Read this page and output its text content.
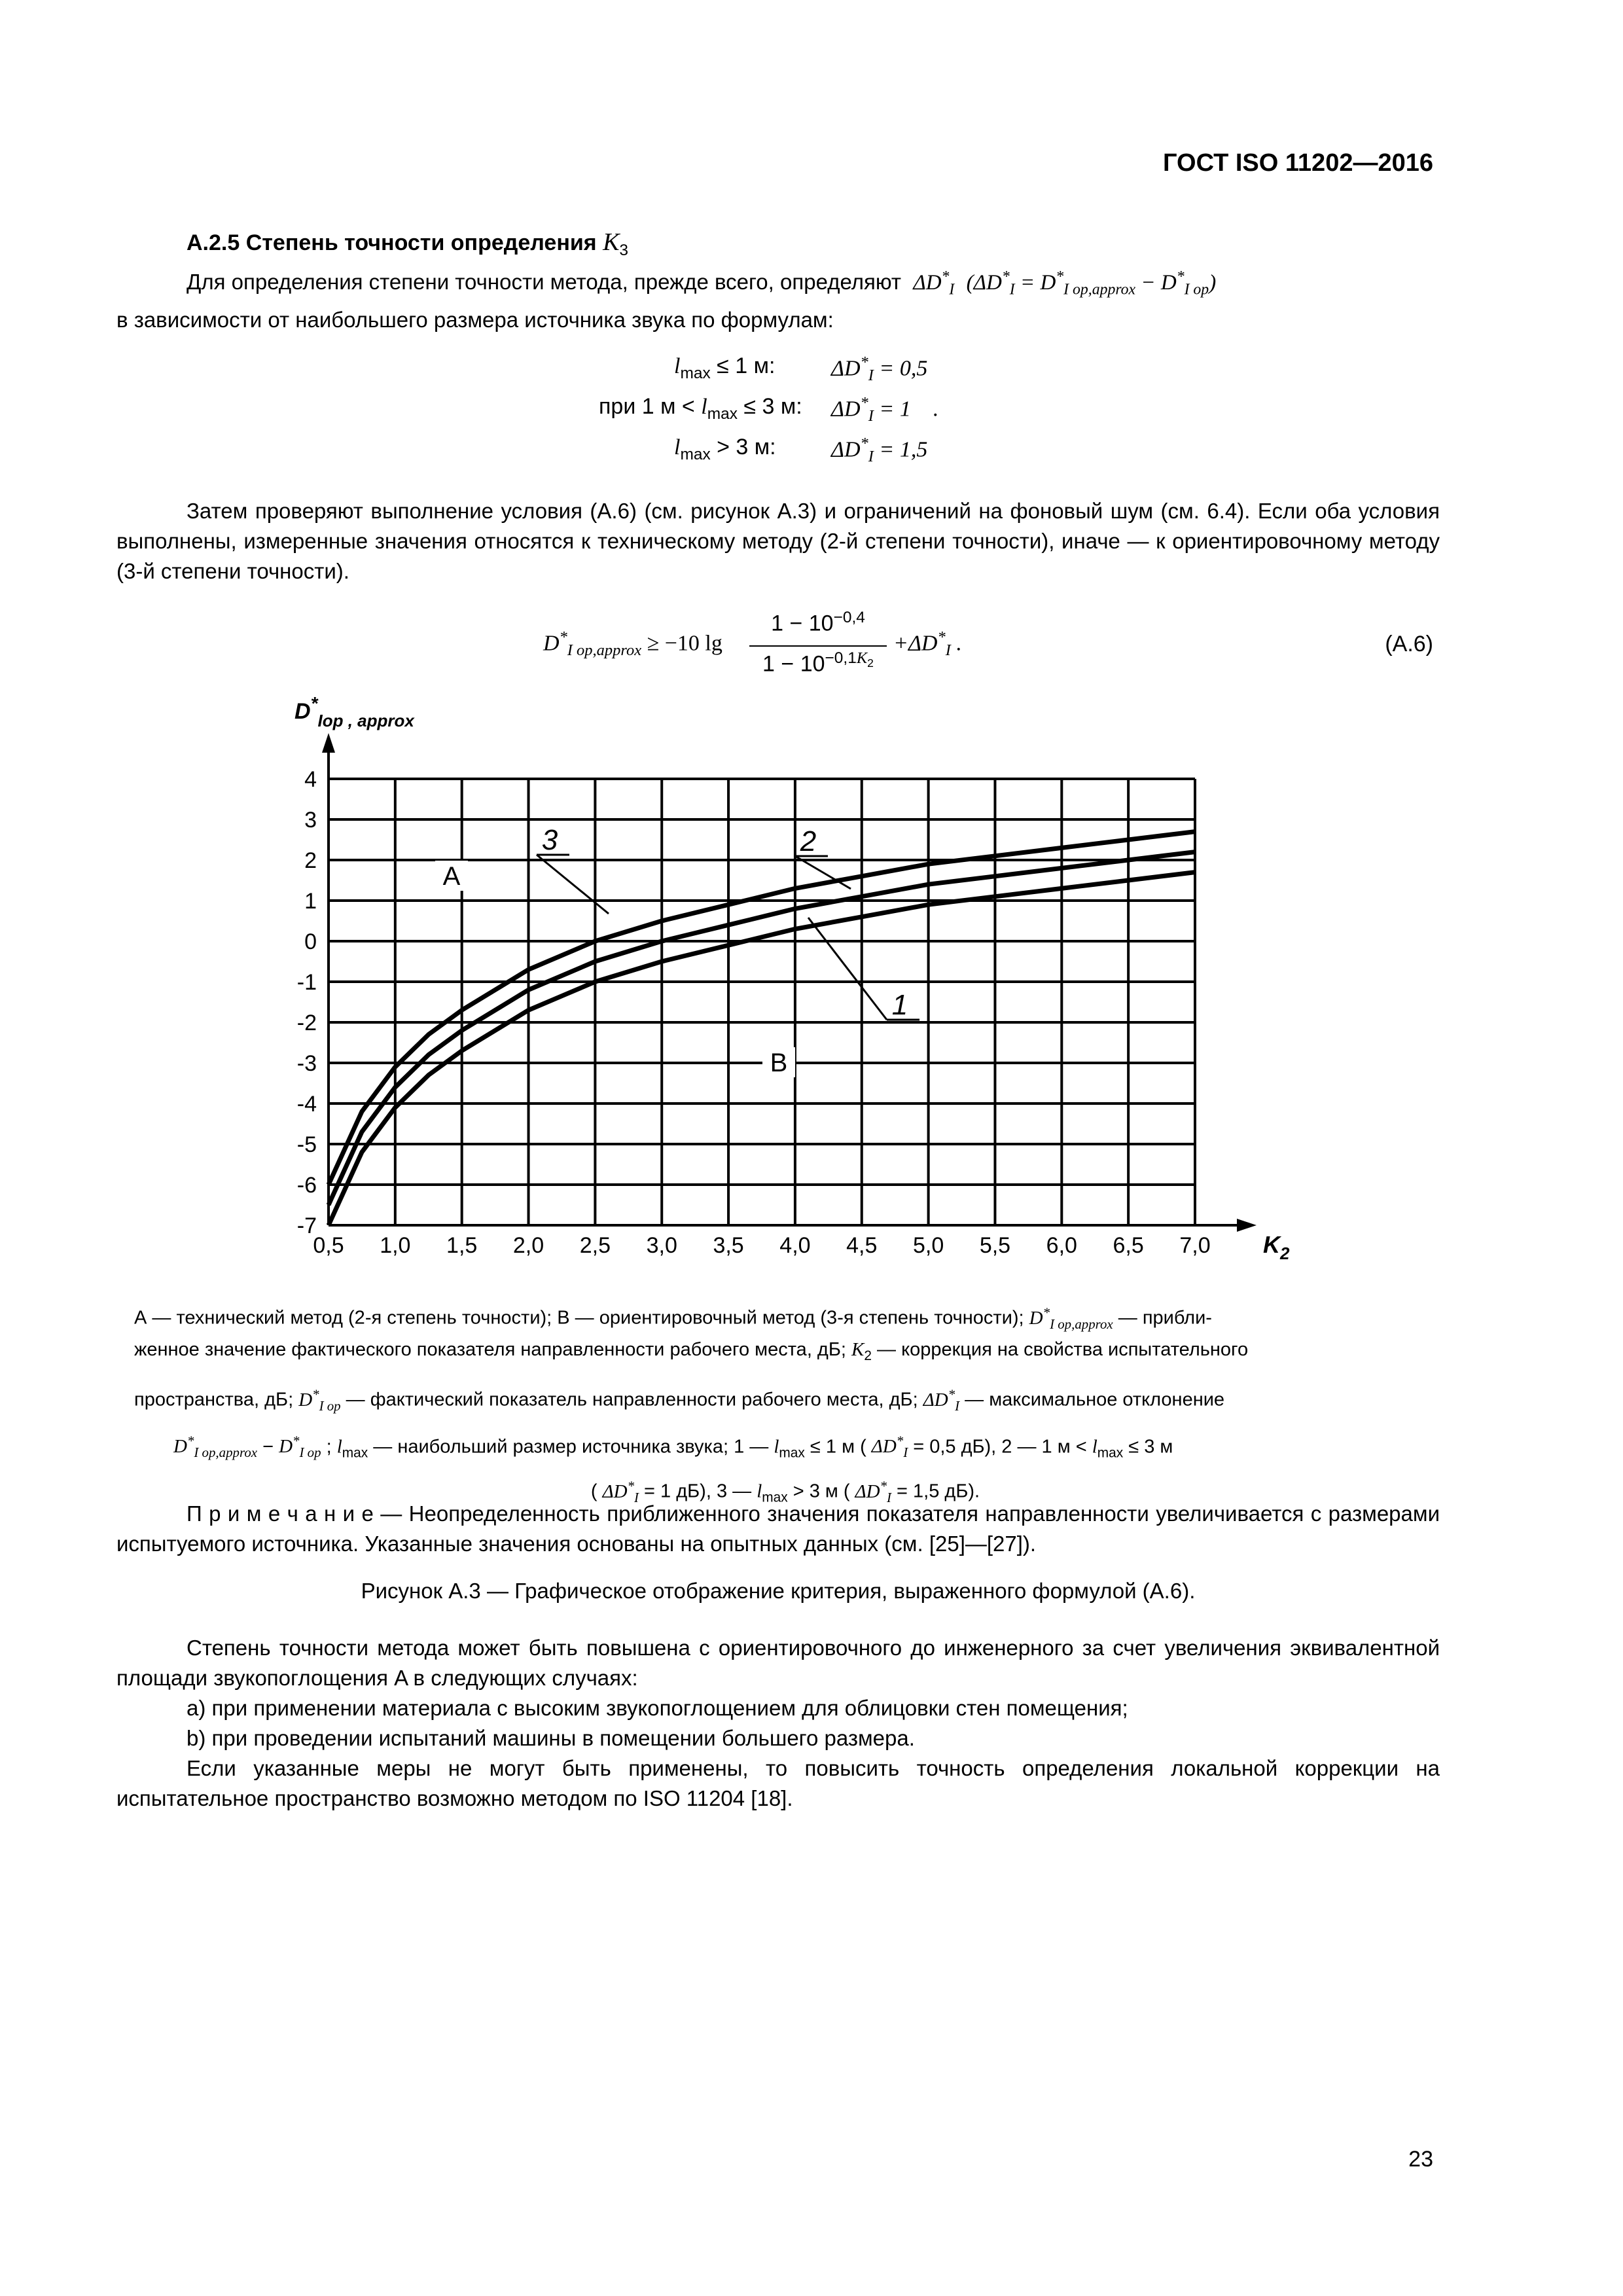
ГОСТ ISO 11202—2016
А.2.5 Степень точности определения $K_3$
Для определения степени точности метода, прежде всего, определяют $\Delta D^*_I$ $(\Delta D^*_I = D^*_{I op,approx} - D^*_{I op})$
в зависимости от наибольшего размера источника звука по формулам:
$l_{max} \le 1$ м:	$\Delta D^*_I = 0,5$
при 1 $м < l_{max} \le 3$ м: $\Delta D^*_I = 1$    .
$l_{max} > 3$ м: $\Delta D^*_I = 1,5$
Затем проверяют выполнение условия (А.6) (см. рисунок А.3) и ограничений на фоновый шум (см. 6.4). Если оба условия выполнены, измеренные значения относятся к техническому методу (2-й степени точности), иначе — к ориентировочному методу (3-й степени точности).
$D^*_{I op,approx} \ge -10$ lg
$1 - 10^{-0,4}$
$1 - 10^{-0,1K_2}$
$+\Delta D^*_I$ .	(А.6)
0,5 1,0 1,5 2,0 2,5 3,0 3,5 4,0 4,5 5,0 5,5 6,0 6,5 7,0
4
3
2
1
0
-1
-2
-3
-4
-5
-6
-7
$D^*_Iop$ , approx
$K_2$
А
В
1
2
3
А — технический метод (2-я степень точности); В — ориентировочный метод (3-я степень точности); $D^*_{I op,approx}$ — прибли-
женное значение фактического показателя направленности рабочего места, дБ; $K_2$ — коррекция на свойства испытательного
пространства, дБ; $D^*_{I op}$ — фактический показатель направленности рабочего места, дБ; $\Delta D^*_I$ — максимальное отклонение
$D^*_{I op,approx} - D^*_{I op}$ ; $l_{max}$ — наибольший размер источника звука; 1 — $l_{max} \le 1$ м ( $\Delta D^*_I = 0,5$ дБ), 2 — 1 $м < l_{max} \le 3$ м
( $\Delta D^*_I = 1$ дБ), 3 — $l_{max} > 3$ м ( $\Delta D^*_I = 1,5$ дБ).
П р и м е ч а н и е — Неопределенность приближенного значения показателя направленности увеличивается с размерами испытуемого источника. Указанные значения основаны на опытных данных (см. [25]—[27]).
Рисунок А.3 — Графическое отображение критерия, выраженного формулой (А.6).
Степень точности метода может быть повышена с ориентировочного до инженерного за счет увеличения эквивалентной площади звукопоглощения A в следующих случаях:
a) при применении материала с высоким звукопоглощением для облицовки стен помещения;
b) при проведении испытаний машины в помещении большего размера.
Если указанные меры не могут быть применены, то повысить точность определения локальной коррекции на испытательное пространство возможно методом по ISO 11204 [18].
23
